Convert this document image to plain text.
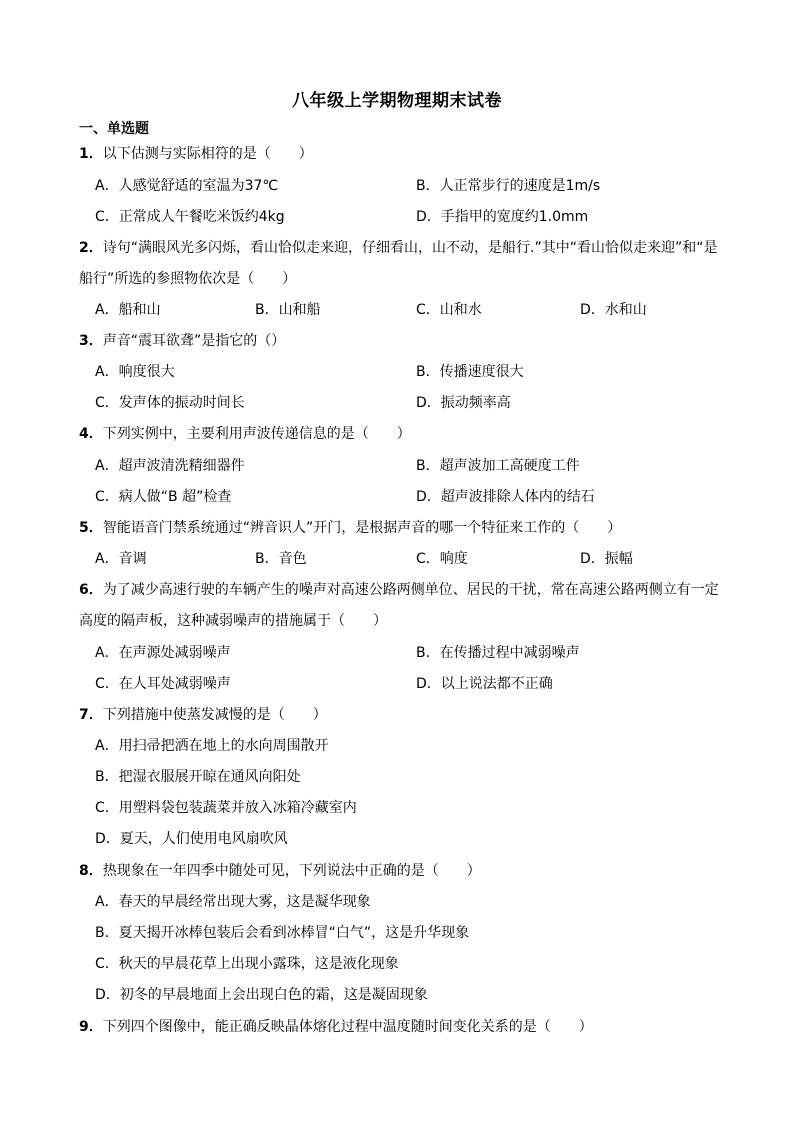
八年级上学期物理期末试卷
一、单选题
1．以下估测与实际相符的是（　　）
A．人感觉舒适的室温为37℃	B．人正常步行的速度是1m/s
C．正常成人午餐吃米饭约4kg	D．手指甲的宽度约1.0mm
2．诗句“满眼风光多闪烁，看山恰似走来迎，仔细看山，山不动，是船行.”其中“看山恰似走来迎”和“是
船行”所选的参照物依次是（　　）
A．船和山	B．山和船	C．山和水	D．水和山
3．声音“震耳欲聋”是指它的（）
A．响度很大	B．传播速度很大
C．发声体的振动时间长	D．振动频率高
4．下列实例中，主要利用声波传递信息的是（　　）
A．超声波清洗精细器件	B．超声波加工高硬度工件
C．病人做“B 超”检查	D．超声波排除人体内的结石
5．智能语音门禁系统通过“辨音识人”开门，是根据声音的哪一个特征来工作的（　　）
A．音调	B．音色	C．响度	D．振幅
6．为了减少高速行驶的车辆产生的噪声对高速公路两侧单位、居民的干扰，常在高速公路两侧立有一定
高度的隔声板，这种减弱噪声的措施属于（　　）
A．在声源处减弱噪声	B．在传播过程中减弱噪声
C．在人耳处减弱噪声	D．以上说法都不正确
7．下列措施中使蒸发减慢的是（　　）
A．用扫帚把洒在地上的水向周围散开
B．把湿衣服展开晾在通风向阳处
C．用塑料袋包装蔬菜并放入冰箱冷藏室内
D．夏天，人们使用电风扇吹风
8．热现象在一年四季中随处可见，下列说法中正确的是（　　）
A．春天的早晨经常出现大雾，这是凝华现象
B．夏天揭开冰棒包装后会看到冰棒冒“白气”，这是升华现象
C．秋天的早晨花草上出现小露珠，这是液化现象
D．初冬的早晨地面上会出现白色的霜，这是凝固现象
9．下列四个图像中，能正确反映晶体熔化过程中温度随时间变化关系的是（　　）
